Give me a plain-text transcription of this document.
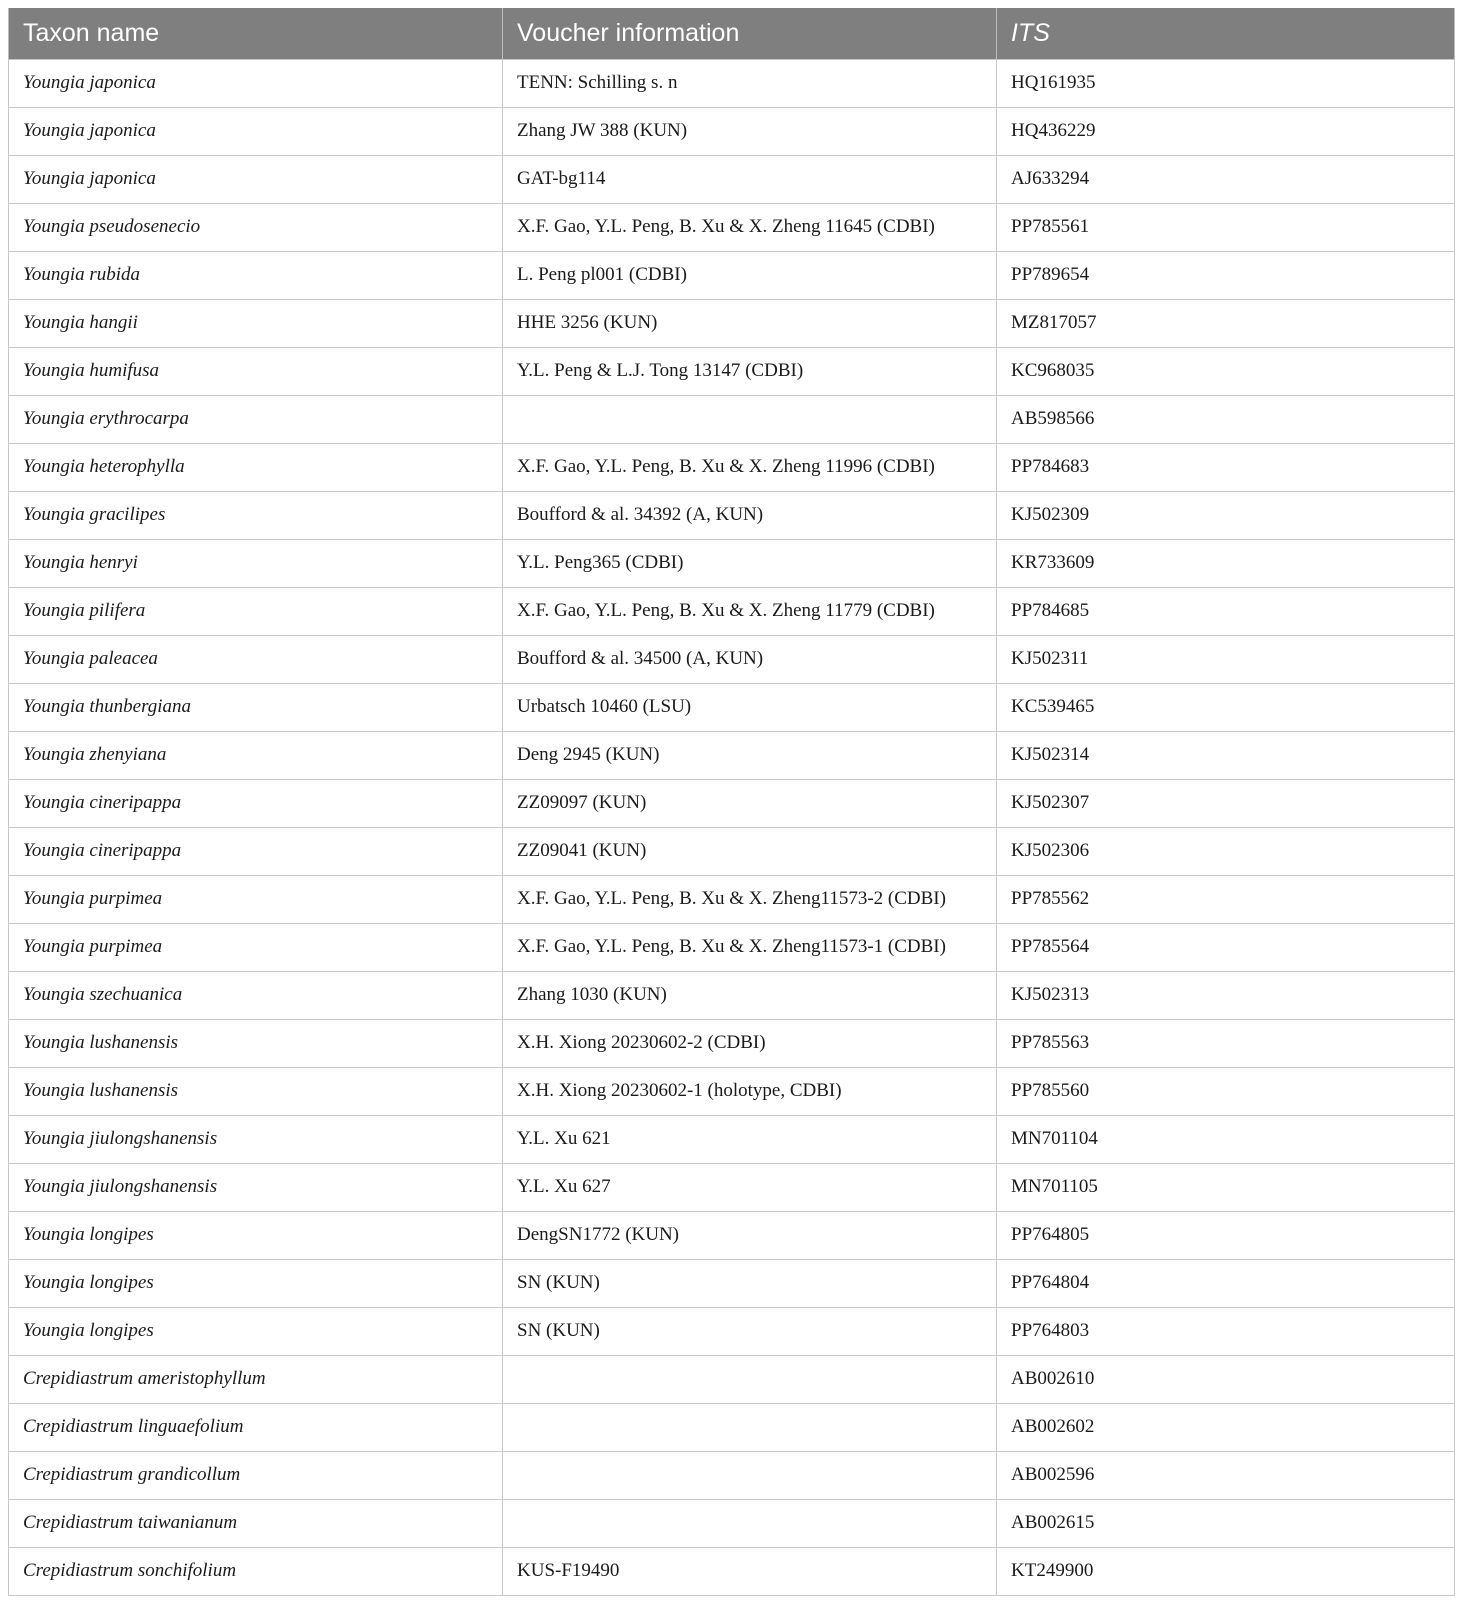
Taxon name	Voucher information	ITS
Youngia japonica	TENN: Schilling s. n	HQ161935
Youngia japonica	Zhang JW 388 (KUN)	HQ436229
Youngia japonica	GAT-bg114	AJ633294
Youngia pseudosenecio	X.F. Gao, Y.L. Peng, B. Xu & X. Zheng 11645 (CDBI)	PP785561
Youngia rubida	L. Peng pl001 (CDBI)	PP789654
Youngia hangii	HHE 3256 (KUN)	MZ817057
Youngia humifusa	Y.L. Peng & L.J. Tong 13147 (CDBI)	KC968035
Youngia erythrocarpa		AB598566
Youngia heterophylla	X.F. Gao, Y.L. Peng, B. Xu & X. Zheng 11996 (CDBI)	PP784683
Youngia gracilipes	Boufford & al. 34392 (A, KUN)	KJ502309
Youngia henryi	Y.L. Peng365 (CDBI)	KR733609
Youngia pilifera	X.F. Gao, Y.L. Peng, B. Xu & X. Zheng 11779 (CDBI)	PP784685
Youngia paleacea	Boufford & al. 34500 (A, KUN)	KJ502311
Youngia thunbergiana	Urbatsch 10460 (LSU)	KC539465
Youngia zhenyiana	Deng 2945 (KUN)	KJ502314
Youngia cineripappa	ZZ09097 (KUN)	KJ502307
Youngia cineripappa	ZZ09041 (KUN)	KJ502306
Youngia purpimea	X.F. Gao, Y.L. Peng, B. Xu & X. Zheng11573-2 (CDBI)	PP785562
Youngia purpimea	X.F. Gao, Y.L. Peng, B. Xu & X. Zheng11573-1 (CDBI)	PP785564
Youngia szechuanica	Zhang 1030 (KUN)	KJ502313
Youngia lushanensis	X.H. Xiong 20230602-2 (CDBI)	PP785563
Youngia lushanensis	X.H. Xiong 20230602-1 (holotype, CDBI)	PP785560
Youngia jiulongshanensis	Y.L. Xu 621	MN701104
Youngia jiulongshanensis	Y.L. Xu 627	MN701105
Youngia longipes	DengSN1772 (KUN)	PP764805
Youngia longipes	SN (KUN)	PP764804
Youngia longipes	SN (KUN)	PP764803
Crepidiastrum ameristophyllum		AB002610
Crepidiastrum linguaefolium		AB002602
Crepidiastrum grandicollum		AB002596
Crepidiastrum taiwanianum		AB002615
Crepidiastrum sonchifolium	KUS-F19490	KT249900
